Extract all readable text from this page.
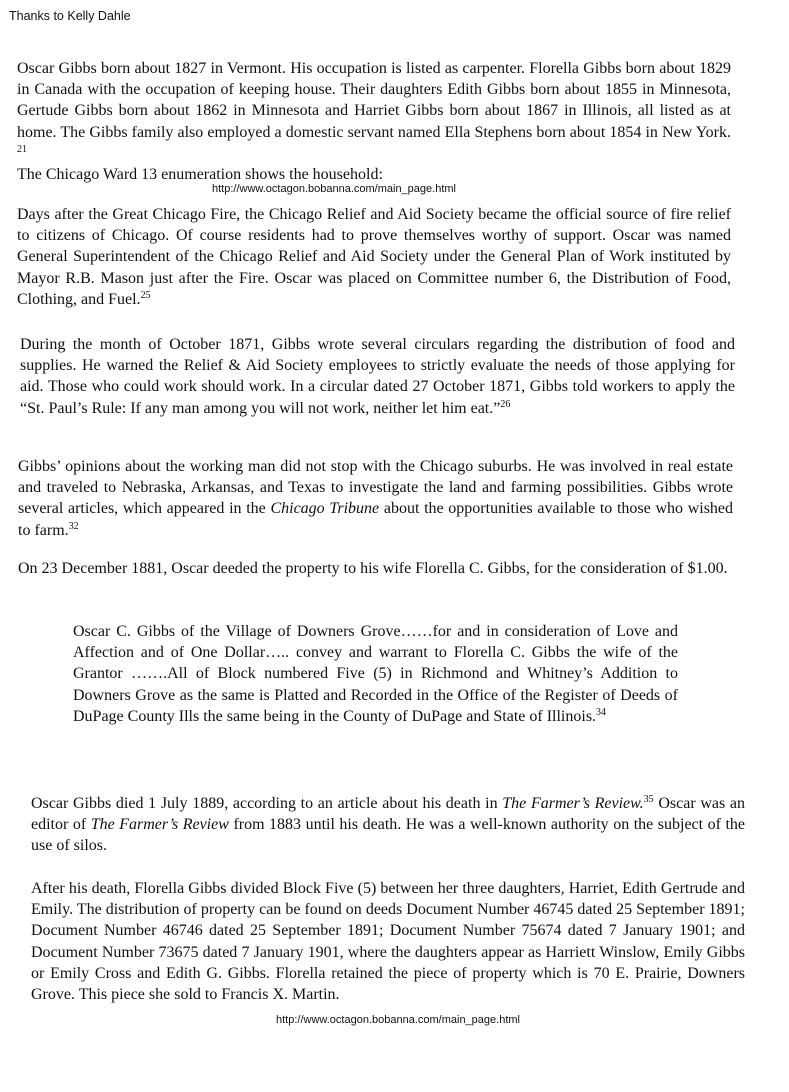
Thanks to Kelly Dahle

Oscar Gibbs born about 1827 in Vermont. His occupation is listed as carpenter. Florella Gibbs born about 1829 in Canada with the occupation of keeping house. Their daughters Edith Gibbs born about 1855 in Minnesota, Gertude Gibbs born about 1862 in Minnesota and Harriet Gibbs born about 1867 in Illinois, all listed as at home. The Gibbs family also employed a domestic servant named Ella Stephens born about 1854 in New York. $^{21}$
The Chicago Ward 13 enumeration shows the household:

http://www.octagon.bobanna.com/main_page.html

Days after the Great Chicago Fire, the Chicago Relief and Aid Society became the official source of fire relief to citizens of Chicago. Of course residents had to prove themselves worthy of support. Oscar was named General Superintendent of the Chicago Relief and Aid Society under the General Plan of Work instituted by Mayor R.B. Mason just after the Fire. Oscar was placed on Committee number 6, the Distribution of Food, Clothing, and Fuel.$^{25}$

During the month of October 1871, Gibbs wrote several circulars regarding the distribution of food and supplies. He warned the Relief & Aid Society employees to strictly evaluate the needs of those applying for aid. Those who could work should work. In a circular dated 27 October 1871, Gibbs told workers to apply the “St. Paul’s Rule: If any man among you will not work, neither let him eat.”$^{26}$

Gibbs’ opinions about the working man did not stop with the Chicago suburbs. He was involved in real estate and traveled to Nebraska, Arkansas, and Texas to investigate the land and farming possibilities. Gibbs wrote several articles, which appeared in the Chicago Tribune about the opportunities available to those who wished to farm.$^{32}$

On 23 December 1881, Oscar deeded the property to his wife Florella C. Gibbs, for the consideration of $1.00.

Oscar C. Gibbs of the Village of Downers Grove……for and in consideration of Love and Affection and of One Dollar….. convey and warrant to Florella C. Gibbs the wife of the Grantor …….All of Block numbered Five (5) in Richmond and Whitney’s Addition to Downers Grove as the same is Platted and Recorded in the Office of the Register of Deeds of DuPage County Ills the same being in the County of DuPage and State of Illinois.$^{34}$

Oscar Gibbs died 1 July 1889, according to an article about his death in The Farmer’s Review.$^{35}$ Oscar was an editor of The Farmer’s Review from 1883 until his death. He was a well-known authority on the subject of the use of silos.

After his death, Florella Gibbs divided Block Five (5) between her three daughters, Harriet, Edith Gertrude and Emily. The distribution of property can be found on deeds Document Number 46745 dated 25 September 1891; Document Number 46746 dated 25 September 1891; Document Number 75674 dated 7 January 1901; and Document Number 73675 dated 7 January 1901, where the daughters appear as Harriett Winslow, Emily Gibbs or Emily Cross and Edith G. Gibbs. Florella retained the piece of property which is 70 E. Prairie, Downers Grove. This piece she sold to Francis X. Martin.

http://www.octagon.bobanna.com/main_page.html
